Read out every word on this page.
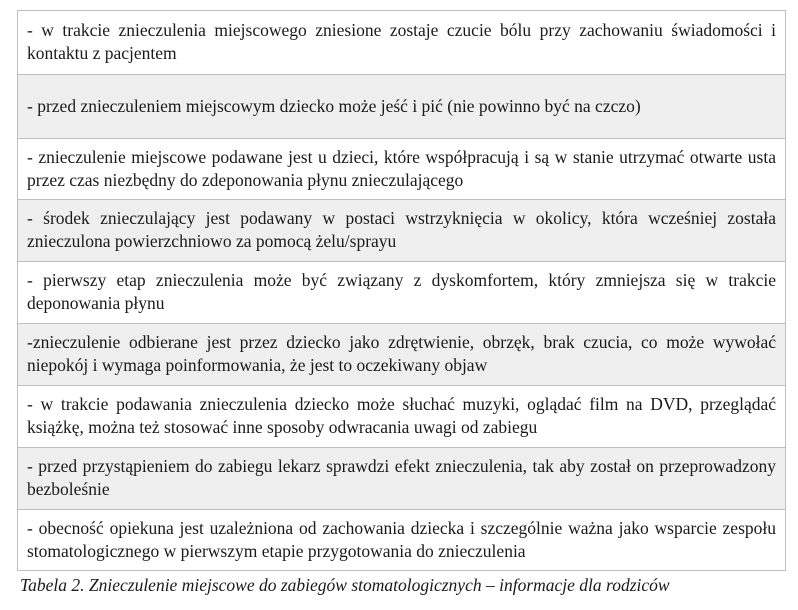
- w trakcie znieczulenia miejscowego zniesione zostaje czucie bólu przy zachowaniu świadomości i kontaktu z pacjentem
- przed znieczuleniem miejscowym dziecko może jeść i pić (nie powinno być na czczo)
- znieczulenie miejscowe podawane jest u dzieci, które współpracują i są w stanie utrzymać otwarte usta przez czas niezbędny do zdeponowania płynu znieczulającego
- środek znieczulający jest podawany w postaci wstrzyknięcia w okolicy, która wcześniej została znieczulona powierzchniowo za pomocą żelu/sprayu
- pierwszy etap znieczulenia może być związany z dyskomfortem, który zmniejsza się w trakcie deponowania płynu
-znieczulenie odbierane jest przez dziecko jako zdrętwienie, obrzęk, brak czucia, co może wywołać niepokój i wymaga poinformowania, że jest to oczekiwany objaw
- w trakcie podawania znieczulenia dziecko może słuchać muzyki, oglądać film na DVD, przeglądać książkę, można też stosować inne sposoby odwracania uwagi od zabiegu
- przed przystąpieniem do zabiegu lekarz sprawdzi efekt znieczulenia, tak aby został on przeprowadzony bezboleśnie
- obecność opiekuna jest uzależniona od zachowania dziecka i szczególnie ważna jako wsparcie zespołu stomatologicznego w pierwszym etapie przygotowania do znieczulenia
Tabela 2. Znieczulenie miejscowe do zabiegów stomatologicznych – informacje dla rodziców
